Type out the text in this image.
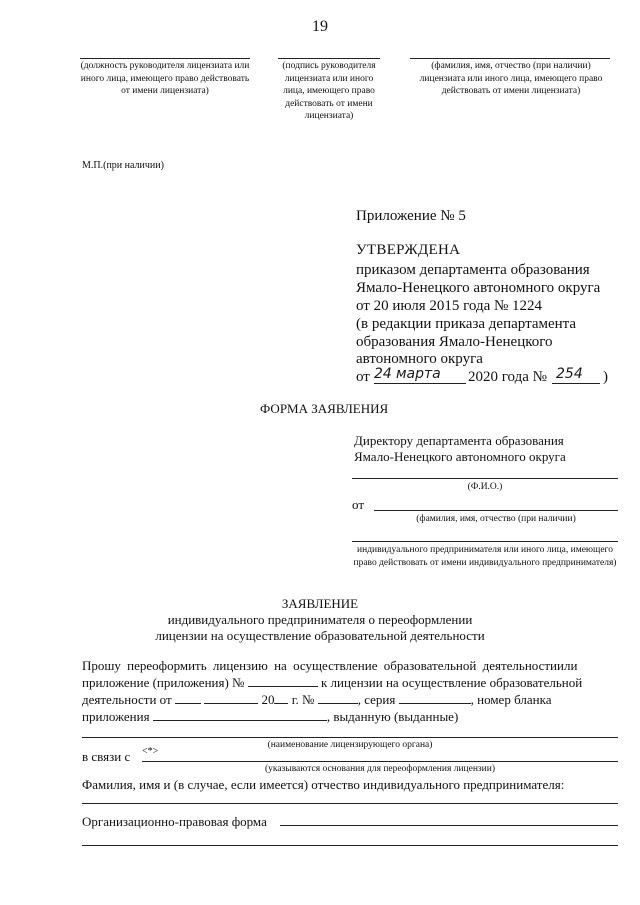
19
(должность руководителя лицензиата или иного лица, имеющего право действовать от имени лицензиата)
(подпись руководителя лицензиата или иного лица, имеющего право действовать от имени лицензиата)
(фамилия, имя, отчество (при наличии) лицензиата или иного лица, имеющего право действовать от имени лицензиата)
М.П.(при наличии)
Приложение № 5
УТВЕРЖДЕНА
приказом департамента образования
Ямало-Ненецкого автономного округа
от 20 июля 2015 года № 1224
(в редакции приказа департамента
образования Ямало-Ненецкого
автономного округа
от 24 марта 2020 года № 254 )
ФОРМА ЗАЯВЛЕНИЯ
Директору департамента образования
Ямало-Ненецкого автономного округа
(Ф.И.О.)
от
(фамилия, имя, отчество (при наличии)
индивидуального предпринимателя или иного лица, имеющего право действовать от имени индивидуального предпринимателя)
ЗАЯВЛЕНИЕ
индивидуального предпринимателя о переоформлении
лицензии на осуществление образовательной деятельности
Прошу переоформить лицензию на осуществление образовательной деятельностиили
приложение (приложения) №	к лицензии на осуществление образовательной
деятельности от	20 г. №	, серия	, номер бланка
приложения	, выданную (выданные)
(наименование лицензирующего органа)
в связи с <*>
(указываются основания для переоформления лицензии)
Фамилия, имя и (в случае, если имеется) отчество индивидуального предпринимателя:
Организационно-правовая форма
